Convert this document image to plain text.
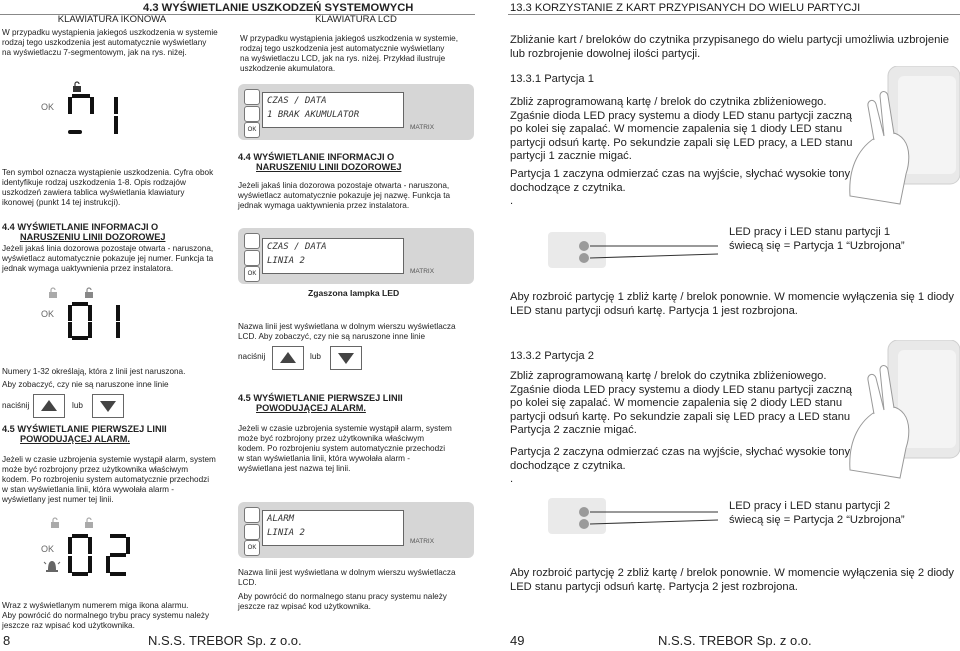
4.3 WYŚWIETLANIE USZKODZEŃ SYSTEMOWYCH
KLAWIATURA IKONOWA
W przypadku wystąpienia jakiegoś uszkodzenia w systemie
rodzaj tego uszkodzenia jest automatycznie wyświetlany
na wyświetlaczu 7-segmentowym, jak na rys. niżej.
OK
Ten symbol oznacza wystąpienie uszkodzenia. Cyfra obok
identyfikuje rodzaj uszkodzenia 1-8. Opis rodzajów
uszkodzeń zawiera tablica wyświetlania klawiatury
ikonowej (punkt 14 tej instrukcji).
4.4 WYŚWIETLANIE INFORMACJI O
NARUSZENIU LINII DOZOROWEJ
Jeżeli jakaś linia dozorowa pozostaje otwarta - naruszona,
wyświetlacz automatycznie pokazuje jej numer. Funkcja ta
jednak wymaga uaktywnienia przez instalatora.
OK
Numery 1-32 określają, która z linii jest naruszona.
Aby zobaczyć, czy nie są naruszone inne linie
naciśnij	lub
4.5 WYŚWIETLANIE PIERWSZEJ LINII
POWODUJĄCEJ ALARM.
Jeżeli w czasie uzbrojenia systemie wystąpił alarm, system
może być rozbrojony przez użytkownika właściwym
kodem. Po rozbrojeniu system automatycznie przechodzi
w stan wyświetlania linii, która wywołała alarm -
wyświetlany jest numer tej linii.
OK
Wraz z wyświetlanym numerem miga ikona alarmu.
Aby powrócić do normalnego trybu pracy systemu należy
jeszcze raz wpisać kod użytkownika.
KLAWIATURA LCD
W przypadku wystąpienia jakiegoś uszkodzenia w systemie,
rodzaj tego uszkodzenia jest automatycznie wyświetlany
na wyświetlaczu LCD, jak na rys. niżej. Przykład ilustruje
uszkodzenie akumulatora.
OK
CZAS / DATA
1 BRAK AKUMULATOR
MATRIX
4.4 WYŚWIETLANIE INFORMACJI O
NARUSZENIU LINII DOZOROWEJ
Jeżeli jakaś linia dozorowa pozostaje otwarta - naruszona,
wyświetlacz automatycznie pokazuje jej nazwę. Funkcja ta
jednak wymaga uaktywnienia przez instalatora.
OK
CZAS / DATA
LINIA 2
MATRIX
Zgaszona lampka LED
Nazwa linii jest wyświetlana w dolnym wierszu wyświetlacza
LCD. Aby zobaczyć, czy nie są naruszone inne linie
naciśnij	lub
4.5 WYŚWIETLANIE PIERWSZEJ LINII
POWODUJĄCEJ ALARM.
Jeżeli w czasie uzbrojenia systemie wystąpił alarm, system
może być rozbrojony przez użytkownika właściwym
kodem. Po rozbrojeniu system automatycznie przechodzi
w stan wyświetlania linii, która wywołała alarm -
wyświetlana jest nazwa tej linii.
OK
ALARM
LINIA 2
MATRIX
Nazwa linii jest wyświetlana w dolnym wierszu wyświetlacza
LCD.
Aby powrócić do normalnego stanu pracy systemu należy
jeszcze raz wpisać kod użytkownika.
8	N.S.S. TREBOR Sp. z o.o.
13.3 KORZYSTANIE Z KART PRZYPISANYCH DO WIELU PARTYCJI
Zbliżanie kart / breloków do czytnika przypisanego do wielu partycji umożliwia uzbrojenie
lub rozbrojenie dowolnej ilości partycji.
13.3.1 Partycja 1
Zbliż zaprogramowaną kartę / brelok do czytnika zbliżeniowego.
Zgaśnie dioda LED pracy systemu a diody LED stanu partycji zaczną
po kolei się zapalać. W momencie zapalenia się 1 diody LED stanu
partycji odsuń kartę. Po sekundzie zapali się LED pracy, a LED stanu
partycji 1 zacznie migać.
Partycja 1 zaczyna odmierzać czas na wyjście, słychać wysokie tony
dochodzące z czytnika.
.
LED pracy i LED stanu partycji 1
świecą się = Partycja 1 “Uzbrojona”
Aby rozbroić partycję 1 zbliż kartę / brelok ponownie. W momencie wyłączenia się 1 diody
LED stanu partycji odsuń kartę. Partycja 1 jest rozbrojona.
13.3.2 Partycja 2
Zbliż zaprogramowaną kartę / brelok do czytnika zbliżeniowego.
Zgaśnie dioda LED pracy systemu a diody LED stanu partycji zaczną
po kolei się zapalać. W momencie zapalenia się 2 diody LED stanu
partycji odsuń kartę. Po sekundzie zapali się LED pracy a LED stanu
Partycja 2 zacznie migać.
Partycja 2 zaczyna odmierzać czas na wyjście, słychać wysokie tony
dochodzące z czytnika.
.
LED pracy i LED stanu partycji 2
świecą się = Partycja 2 “Uzbrojona”
Aby rozbroić partycję 2 zbliż kartę / brelok ponownie. W momencie wyłączenia się 2 diody
LED stanu partycji odsuń kartę. Partycja 2 jest rozbrojona.
49	N.S.S. TREBOR Sp. z o.o.
